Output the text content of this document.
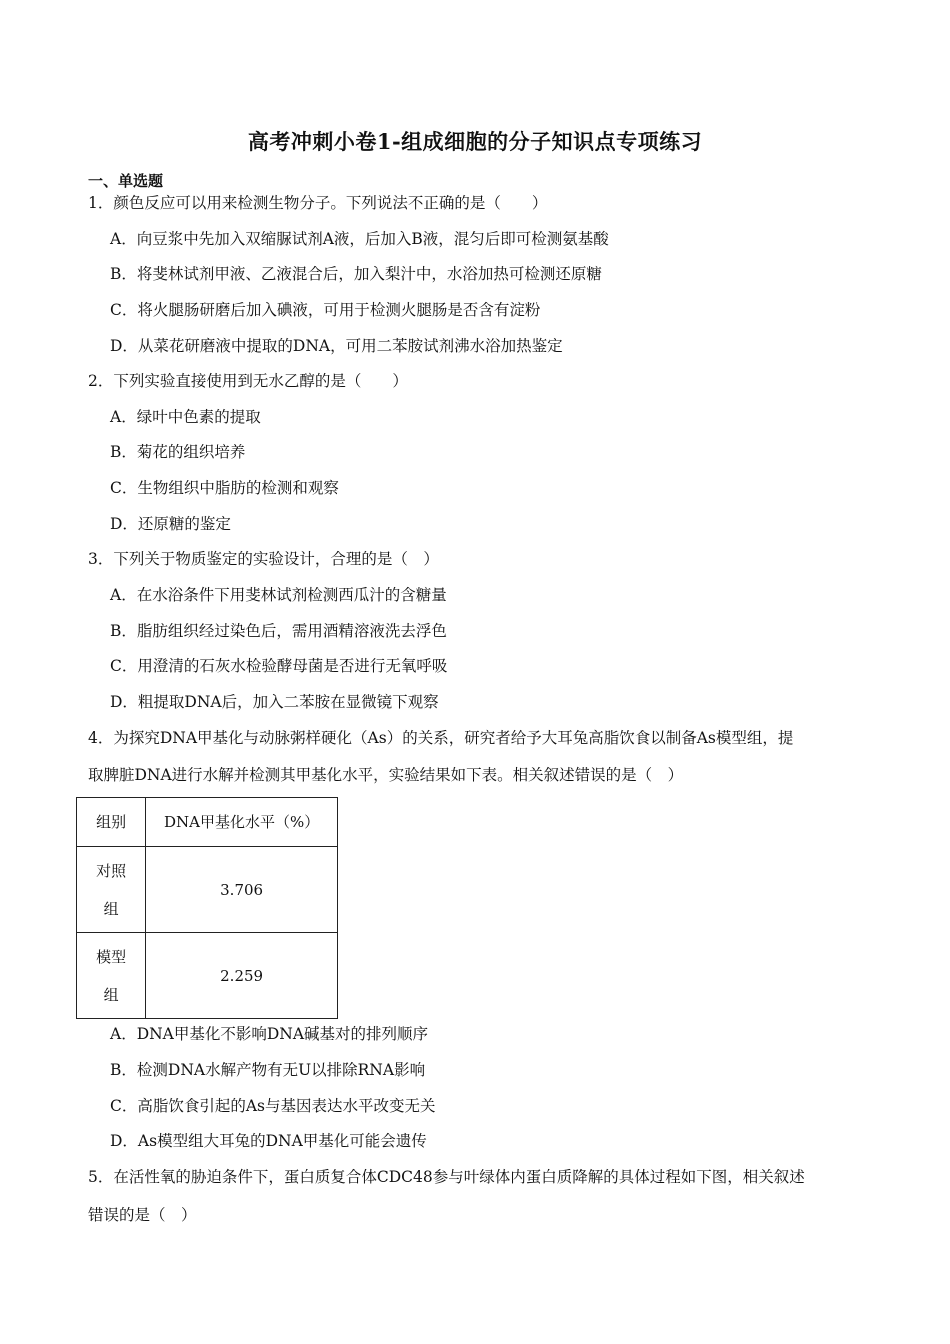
高考冲刺小卷1-组成细胞的分子知识点专项练习
一、单选题
1．颜色反应可以用来检测生物分子。下列说法不正确的是（　　）
A．向豆浆中先加入双缩脲试剂A液，后加入B液，混匀后即可检测氨基酸
B．将斐林试剂甲液、乙液混合后，加入梨汁中，水浴加热可检测还原糖
C．将火腿肠研磨后加入碘液，可用于检测火腿肠是否含有淀粉
D．从菜花研磨液中提取的DNA，可用二苯胺试剂沸水浴加热鉴定
2．下列实验直接使用到无水乙醇的是（　　）
A．绿叶中色素的提取
B．菊花的组织培养
C．生物组织中脂肪的检测和观察
D．还原糖的鉴定
3．下列关于物质鉴定的实验设计，合理的是（　）
A．在水浴条件下用斐林试剂检测西瓜汁的含糖量
B．脂肪组织经过染色后，需用酒精溶液洗去浮色
C．用澄清的石灰水检验酵母菌是否进行无氧呼吸
D．粗提取DNA后，加入二苯胺在显微镜下观察
4．为探究DNA甲基化与动脉粥样硬化（As）的关系，研究者给予大耳兔高脂饮食以制备As模型组，提
取脾脏DNA进行水解并检测其甲基化水平，实验结果如下表。相关叙述错误的是（　）
组别	DNA甲基化水平（%）
对照
组	3.706
模型
组	2.259
A．DNA甲基化不影响DNA碱基对的排列顺序
B．检测DNA水解产物有无U以排除RNA影响
C．高脂饮食引起的As与基因表达水平改变无关
D．As模型组大耳兔的DNA甲基化可能会遗传
5．在活性氧的胁迫条件下，蛋白质复合体CDC48参与叶绿体内蛋白质降解的具体过程如下图，相关叙述
错误的是（　）
